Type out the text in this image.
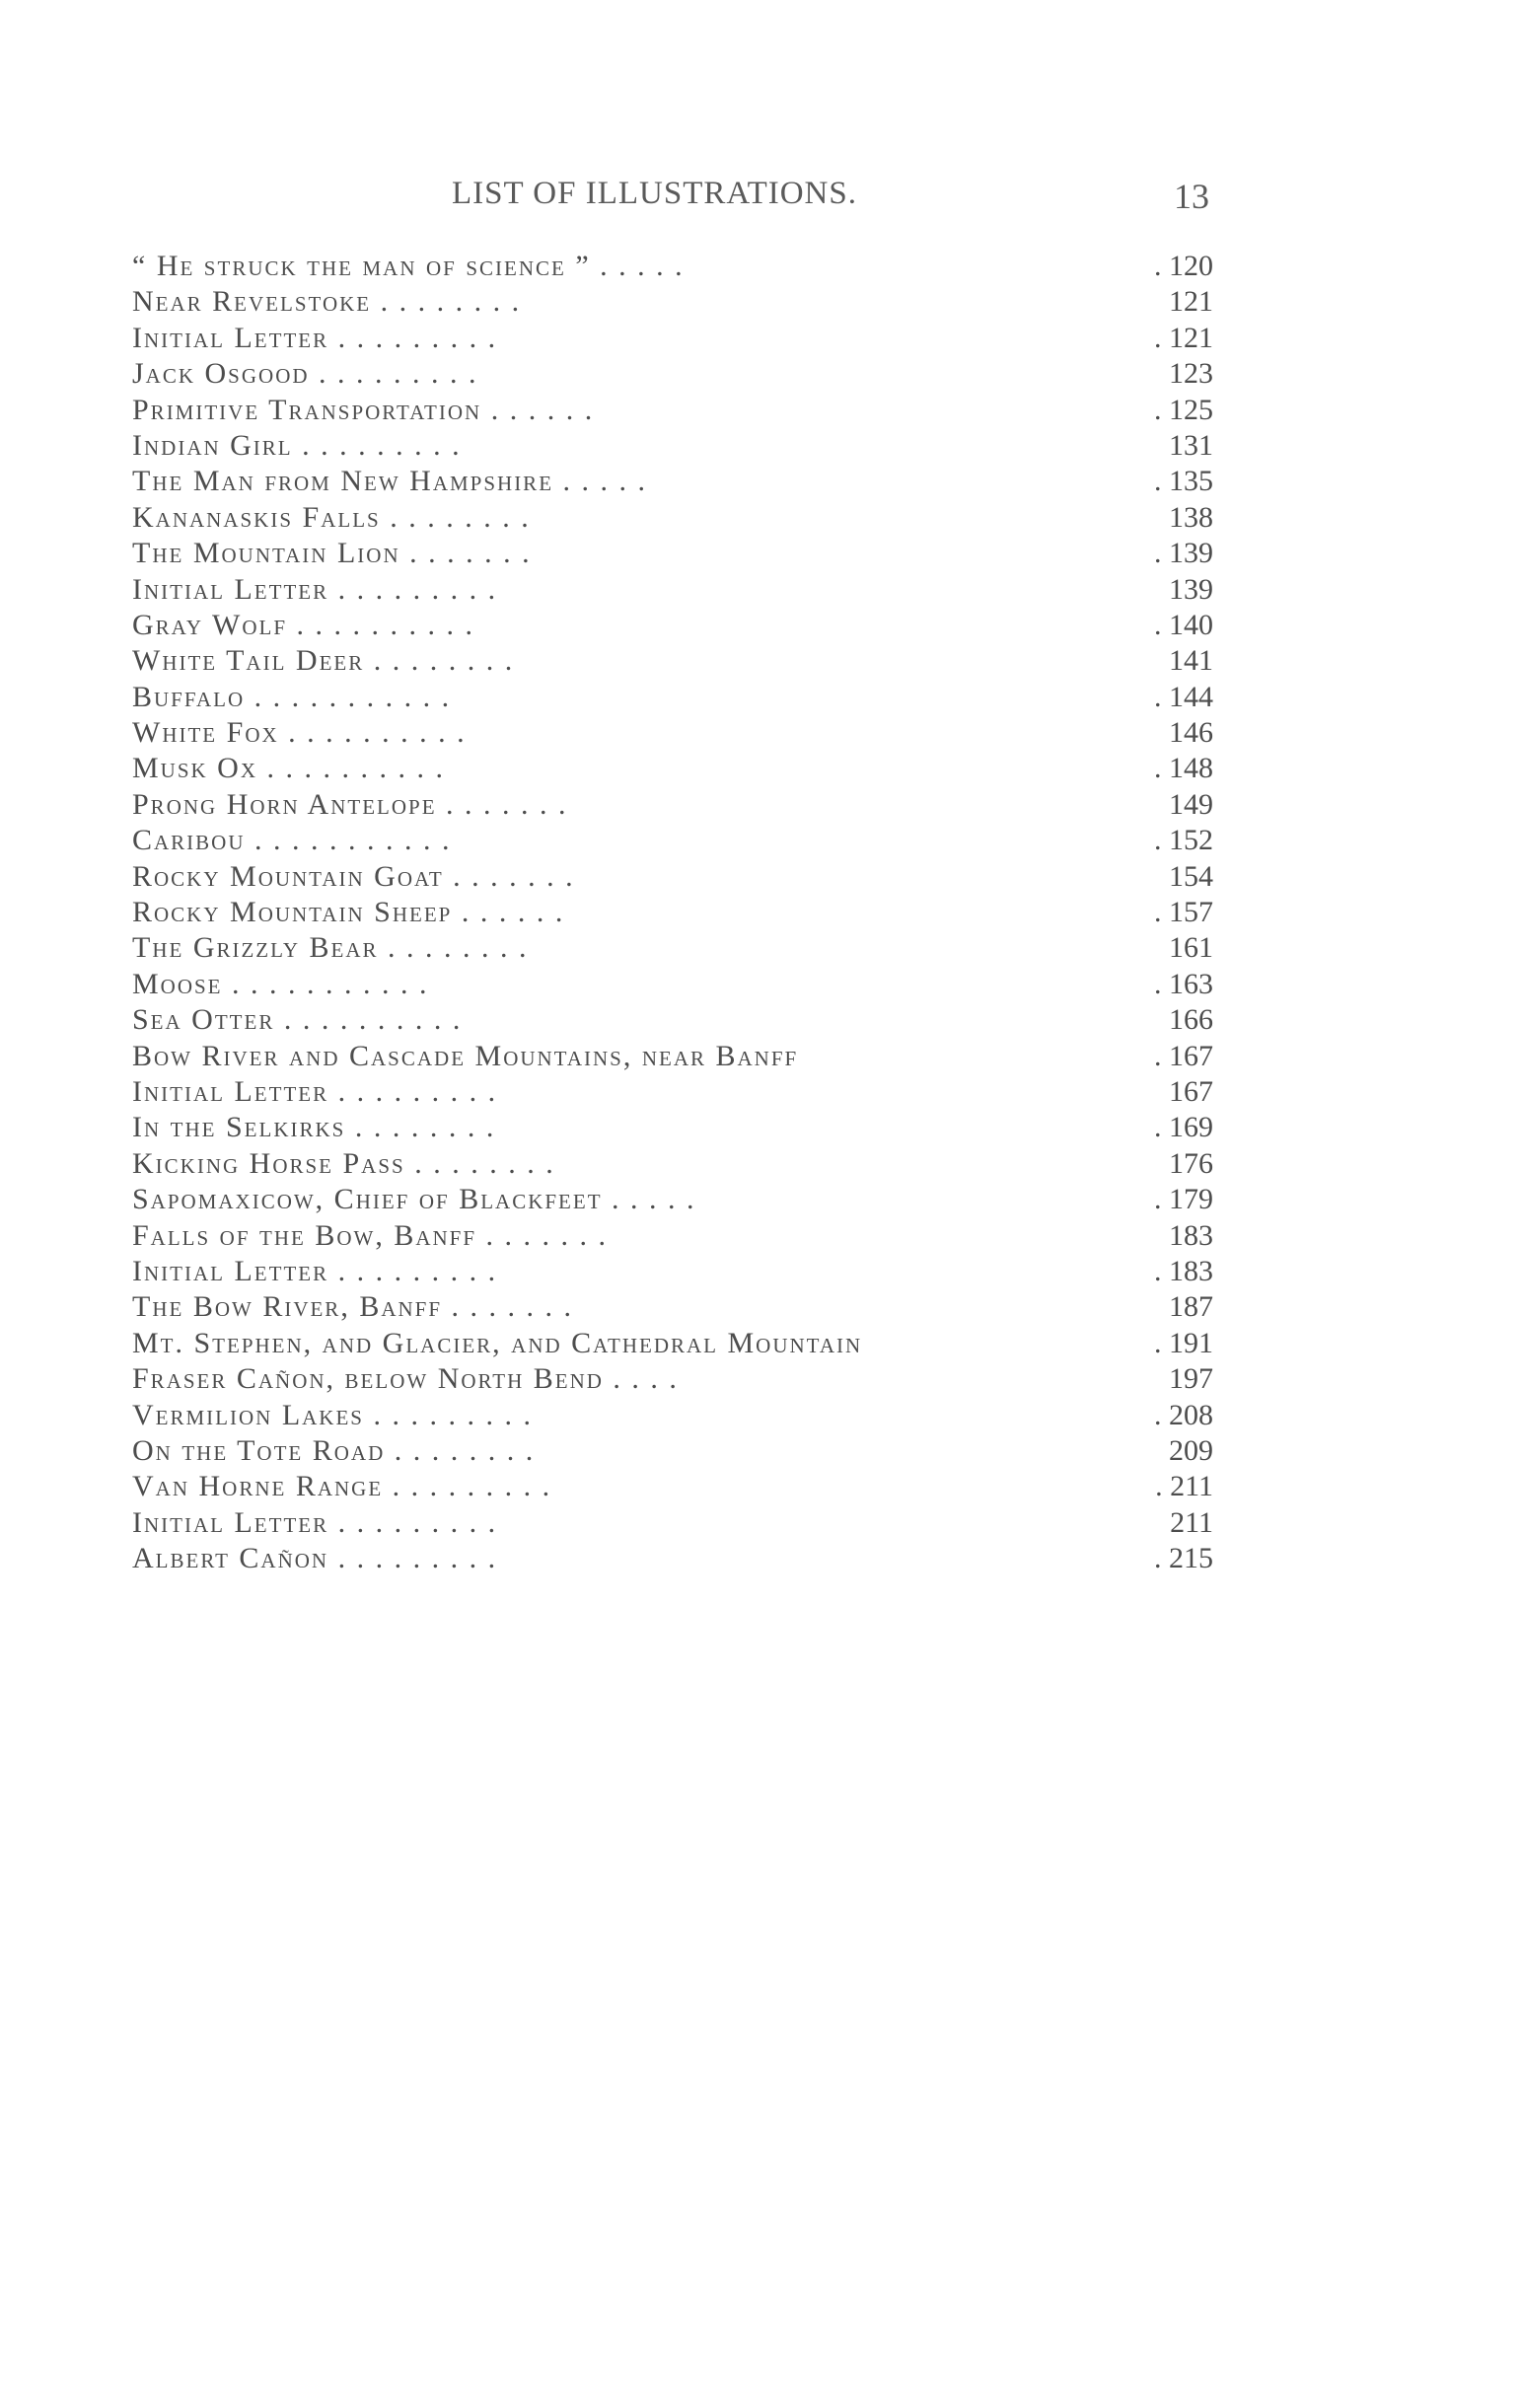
LIST OF ILLUSTRATIONS.	13
“ He struck the man of science ” . . . . .	. 120
Near Revelstoke . . . . . . . .	121
Initial Letter . . . . . . . . .	. 121
Jack Osgood . . . . . . . . .	123
Primitive Transportation . . . . . .	. 125
Indian Girl . . . . . . . . .	131
The Man from New Hampshire . . . . .	. 135
Kananaskis Falls . . . . . . . .	138
The Mountain Lion . . . . . . .	. 139
Initial Letter . . . . . . . . .	139
Gray Wolf . . . . . . . . . .	. 140
White Tail Deer . . . . . . . .	141
Buffalo . . . . . . . . . . .	. 144
White Fox . . . . . . . . . .	146
Musk Ox . . . . . . . . . .	. 148
Prong Horn Antelope . . . . . . .	149
Caribou . . . . . . . . . . .	. 152
Rocky Mountain Goat . . . . . . .	154
Rocky Mountain Sheep . . . . . .	. 157
The Grizzly Bear . . . . . . . .	161
Moose . . . . . . . . . . .	. 163
Sea Otter . . . . . . . . . .	166
Bow River and Cascade Mountains, near Banff	. 167
Initial Letter . . . . . . . . .	167
In the Selkirks . . . . . . . .	. 169
Kicking Horse Pass . . . . . . . .	176
Sapomaxicow, Chief of Blackfeet . . . . .	. 179
Falls of the Bow, Banff . . . . . . .	183
Initial Letter . . . . . . . . .	. 183
The Bow River, Banff . . . . . . .	187
Mt. Stephen, and Glacier, and Cathedral Mountain	. 191
Fraser Cañon, below North Bend . . . .	197
Vermilion Lakes . . . . . . . . .	. 208
On the Tote Road . . . . . . . .	209
Van Horne Range . . . . . . . . .	. 211
Initial Letter . . . . . . . . .	211
Albert Cañon . . . . . . . . .	. 215
